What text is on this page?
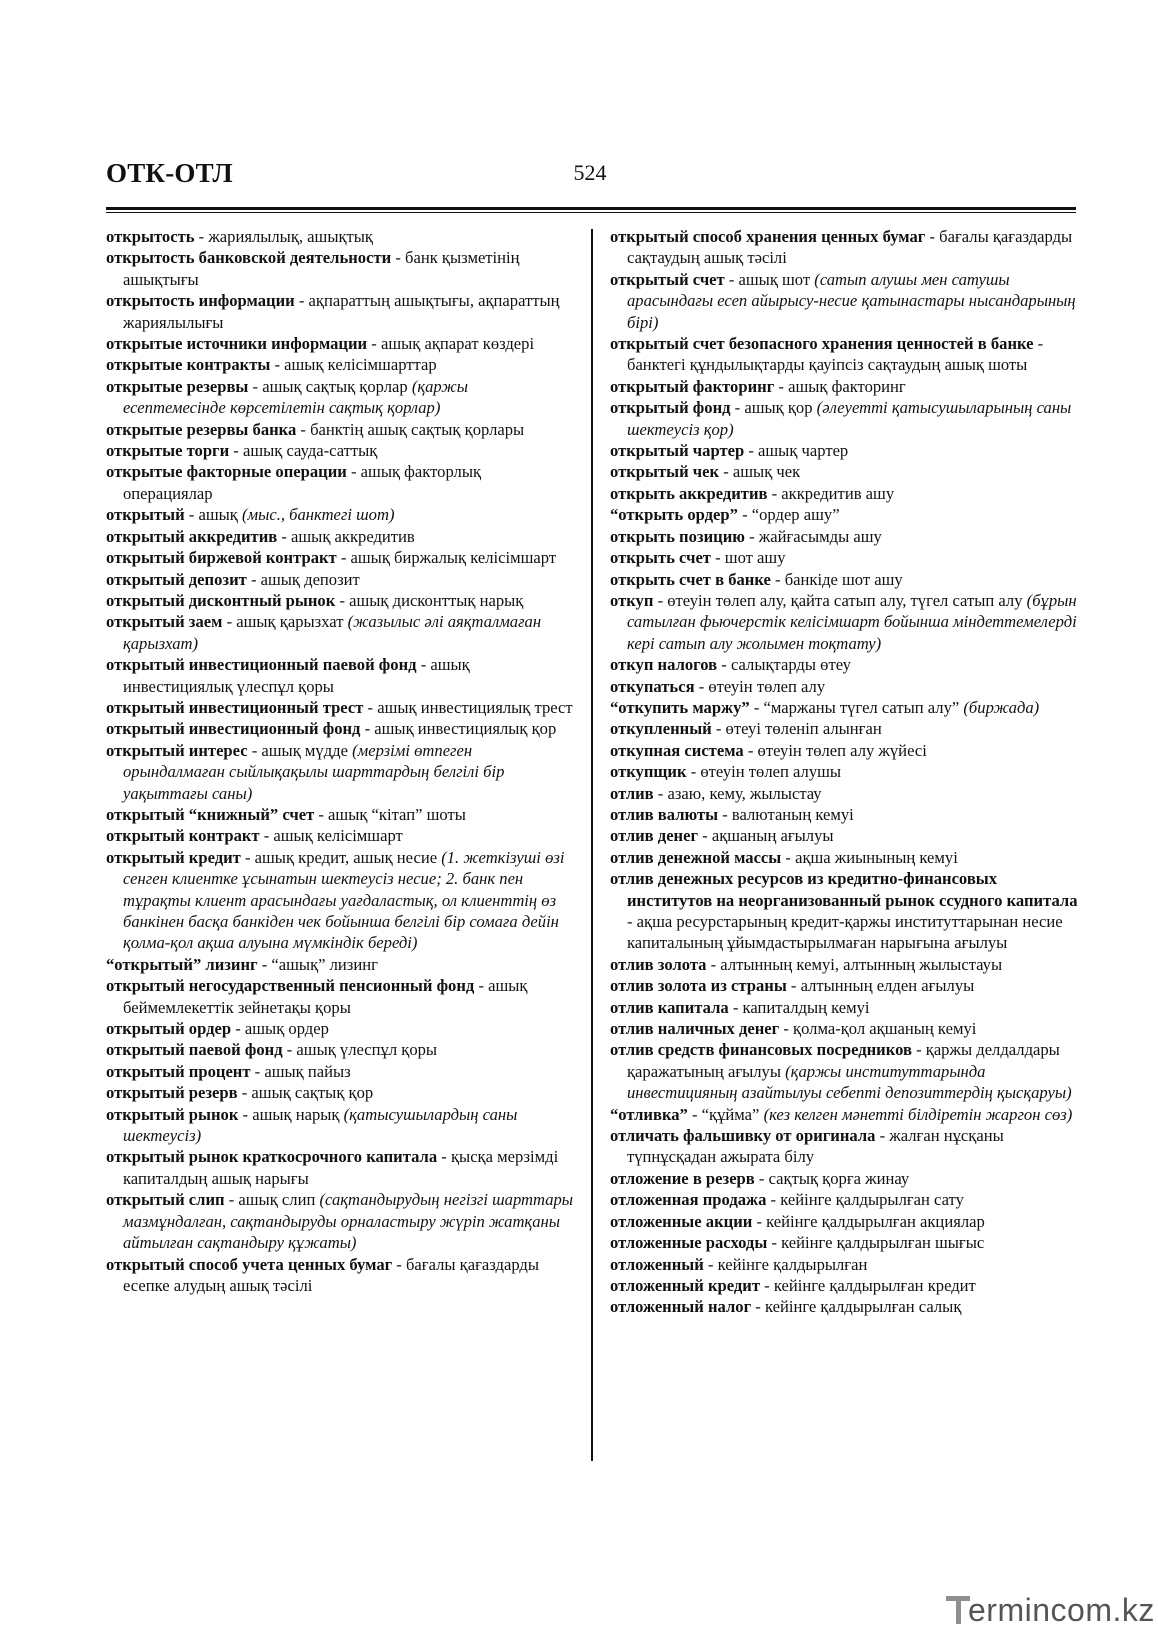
ОТК-ОТЛ	524
открытость - жариялылық, ашықтық
открытость банковской деятельности - банк қызметінің ашықтығы
открытость информации - ақпараттың ашықтығы, ақпараттың жариялылығы
открытые источники информации - ашық ақпарат көздері
открытые контракты - ашық келісімшарттар
открытые резервы - ашық сақтық қорлар (қаржы есептемесінде көрсетілетін сақтық қорлар)
открытые резервы банка - банктің ашық сақтық қорлары
открытые торги - ашық сауда-саттық
открытые факторные операции - ашық факторлық операциялар
открытый - ашық (мыс., банктегі шот)
открытый аккредитив - ашық аккредитив
открытый биржевой контракт - ашық биржалық келісімшарт
открытый депозит - ашық депозит
открытый дисконтный рынок - ашық дисконттық нарық
открытый заем - ашық қарызхат (жазылыс әлі аяқталмаған қарызхат)
открытый инвестиционный паевой фонд - ашық инвестициялық үлеспұл қоры
открытый инвестиционный трест - ашық инвестициялық трест
открытый инвестиционный фонд - ашық инвестициялық қор
открытый интерес - ашық мүдде (мерзімі өтпеген орындалмаған сыйлықақылы шарттардың белгілі бір уақыттағы саны)
открытый “книжный” счет - ашық “кітап” шоты
открытый контракт - ашық келісімшарт
открытый кредит - ашық кредит, ашық несие (1. жеткізушi өзi сенген клиентке ұсынатын шектеусiз несие; 2. банк пен тұрақты клиент арасындағы уағдаластық, ол клиенттiң өз банкiнен басқа банкiден чек бойынша белгiлi бiр сомаға дейiн қолма-қол ақша алуына мүмкiндiк бередi)
“открытый” лизинг - “ашық” лизинг
открытый негосударственный пенсионный фонд - ашық беймемлекеттік зейнетақы қоры
открытый ордер - ашық ордер
открытый паевой фонд - ашық үлеспұл қоры
открытый процент - ашық пайыз
открытый резерв - ашық сақтық қор
открытый рынок - ашық нарық (қатысушылардың саны шектеусіз)
открытый рынок краткосрочного капитала - қысқа мерзімді капиталдың ашық нарығы
открытый слип - ашық слип (сақтандырудың негізгі шарттары мазмұндалған, сақтандыруды орналастыру жүріп жатқаны айтылған сақтандыру құжаты)
открытый способ учета ценных бумаг - бағалы қағаздарды есепке алудың ашық тәсілі
открытый способ хранения ценных бумаг - бағалы қағаздарды сақтаудың ашық тәсілі
открытый счет - ашық шот (сатып алушы мен сатушы арасындағы есеп айырысу-несие қатынастары нысандарының бірі)
открытый счет безопасного хранения ценностей в банке - банктегі құндылықтарды қауіпсіз сақтаудың ашық шоты
открытый факторинг - ашық факторинг
открытый фонд - ашық қор (әлеуетті қатысушыларының саны шектеусіз қор)
открытый чартер - ашық чартер
открытый чек - ашық чек
открыть аккредитив - аккредитив ашу
“открыть ордер” - “ордер ашу”
открыть позицию - жайғасымды ашу
открыть счет - шот ашу
открыть счет в банке - банкіде шот ашу
откуп - өтеуін төлеп алу, қайта сатып алу, түгел сатып алу (бұрын сатылған фьючерстік келісімшарт бойынша міндеттемелерді кері сатып алу жолымен тоқтату)
откуп налогов - салықтарды өтеу
откупаться - өтеуін төлеп алу
“откупить маржу” - “маржаны түгел сатып алу” (биржада)
откупленный - өтеуі төленіп алынған
откупная система - өтеуін төлеп алу жүйесі
откупщик - өтеуін төлеп алушы
отлив - азаю, кему, жылыстау
отлив валюты - валютаның кемуі
отлив денег - ақшаның ағылуы
отлив денежной массы - ақша жиынының кемуі
отлив денежных ресурсов из кредитно-финансовых институтов на неорганизованный рынок ссудного капитала - ақша ресурстарының кредит-қаржы институттарынан несие капиталының ұйымдастырылмаған нарығына ағылуы
отлив золота - алтынның кемуі, алтынның жылыстауы
отлив золота из страны - алтынның елден ағылуы
отлив капитала - капиталдың кемуі
отлив наличных денег - қолма-қол ақшаның кемуі
отлив средств финансовых посредников - қаржы делдалдары қаражатының ағылуы (қаржы институттарында инвестицияның азайтылуы себепті депозиттердің қысқаруы)
“отливка” - “құйма” (кез келген мәнетті білдіретін жаргон сөз)
отличать фальшивку от оригинала - жалған нұсқаны түпнұсқадан ажырата білу
отложение в резерв - сақтық қорға жинау
отложенная продажа - кейінге қалдырылған сату
отложенные акции - кейінге қалдырылған акциялар
отложенные расходы - кейінге қалдырылған шығыс
отложенный - кейінге қалдырылған
отложенный кредит - кейінге қалдырылған кредит
отложенный налог - кейінге қалдырылған салық
ermincom.kz
